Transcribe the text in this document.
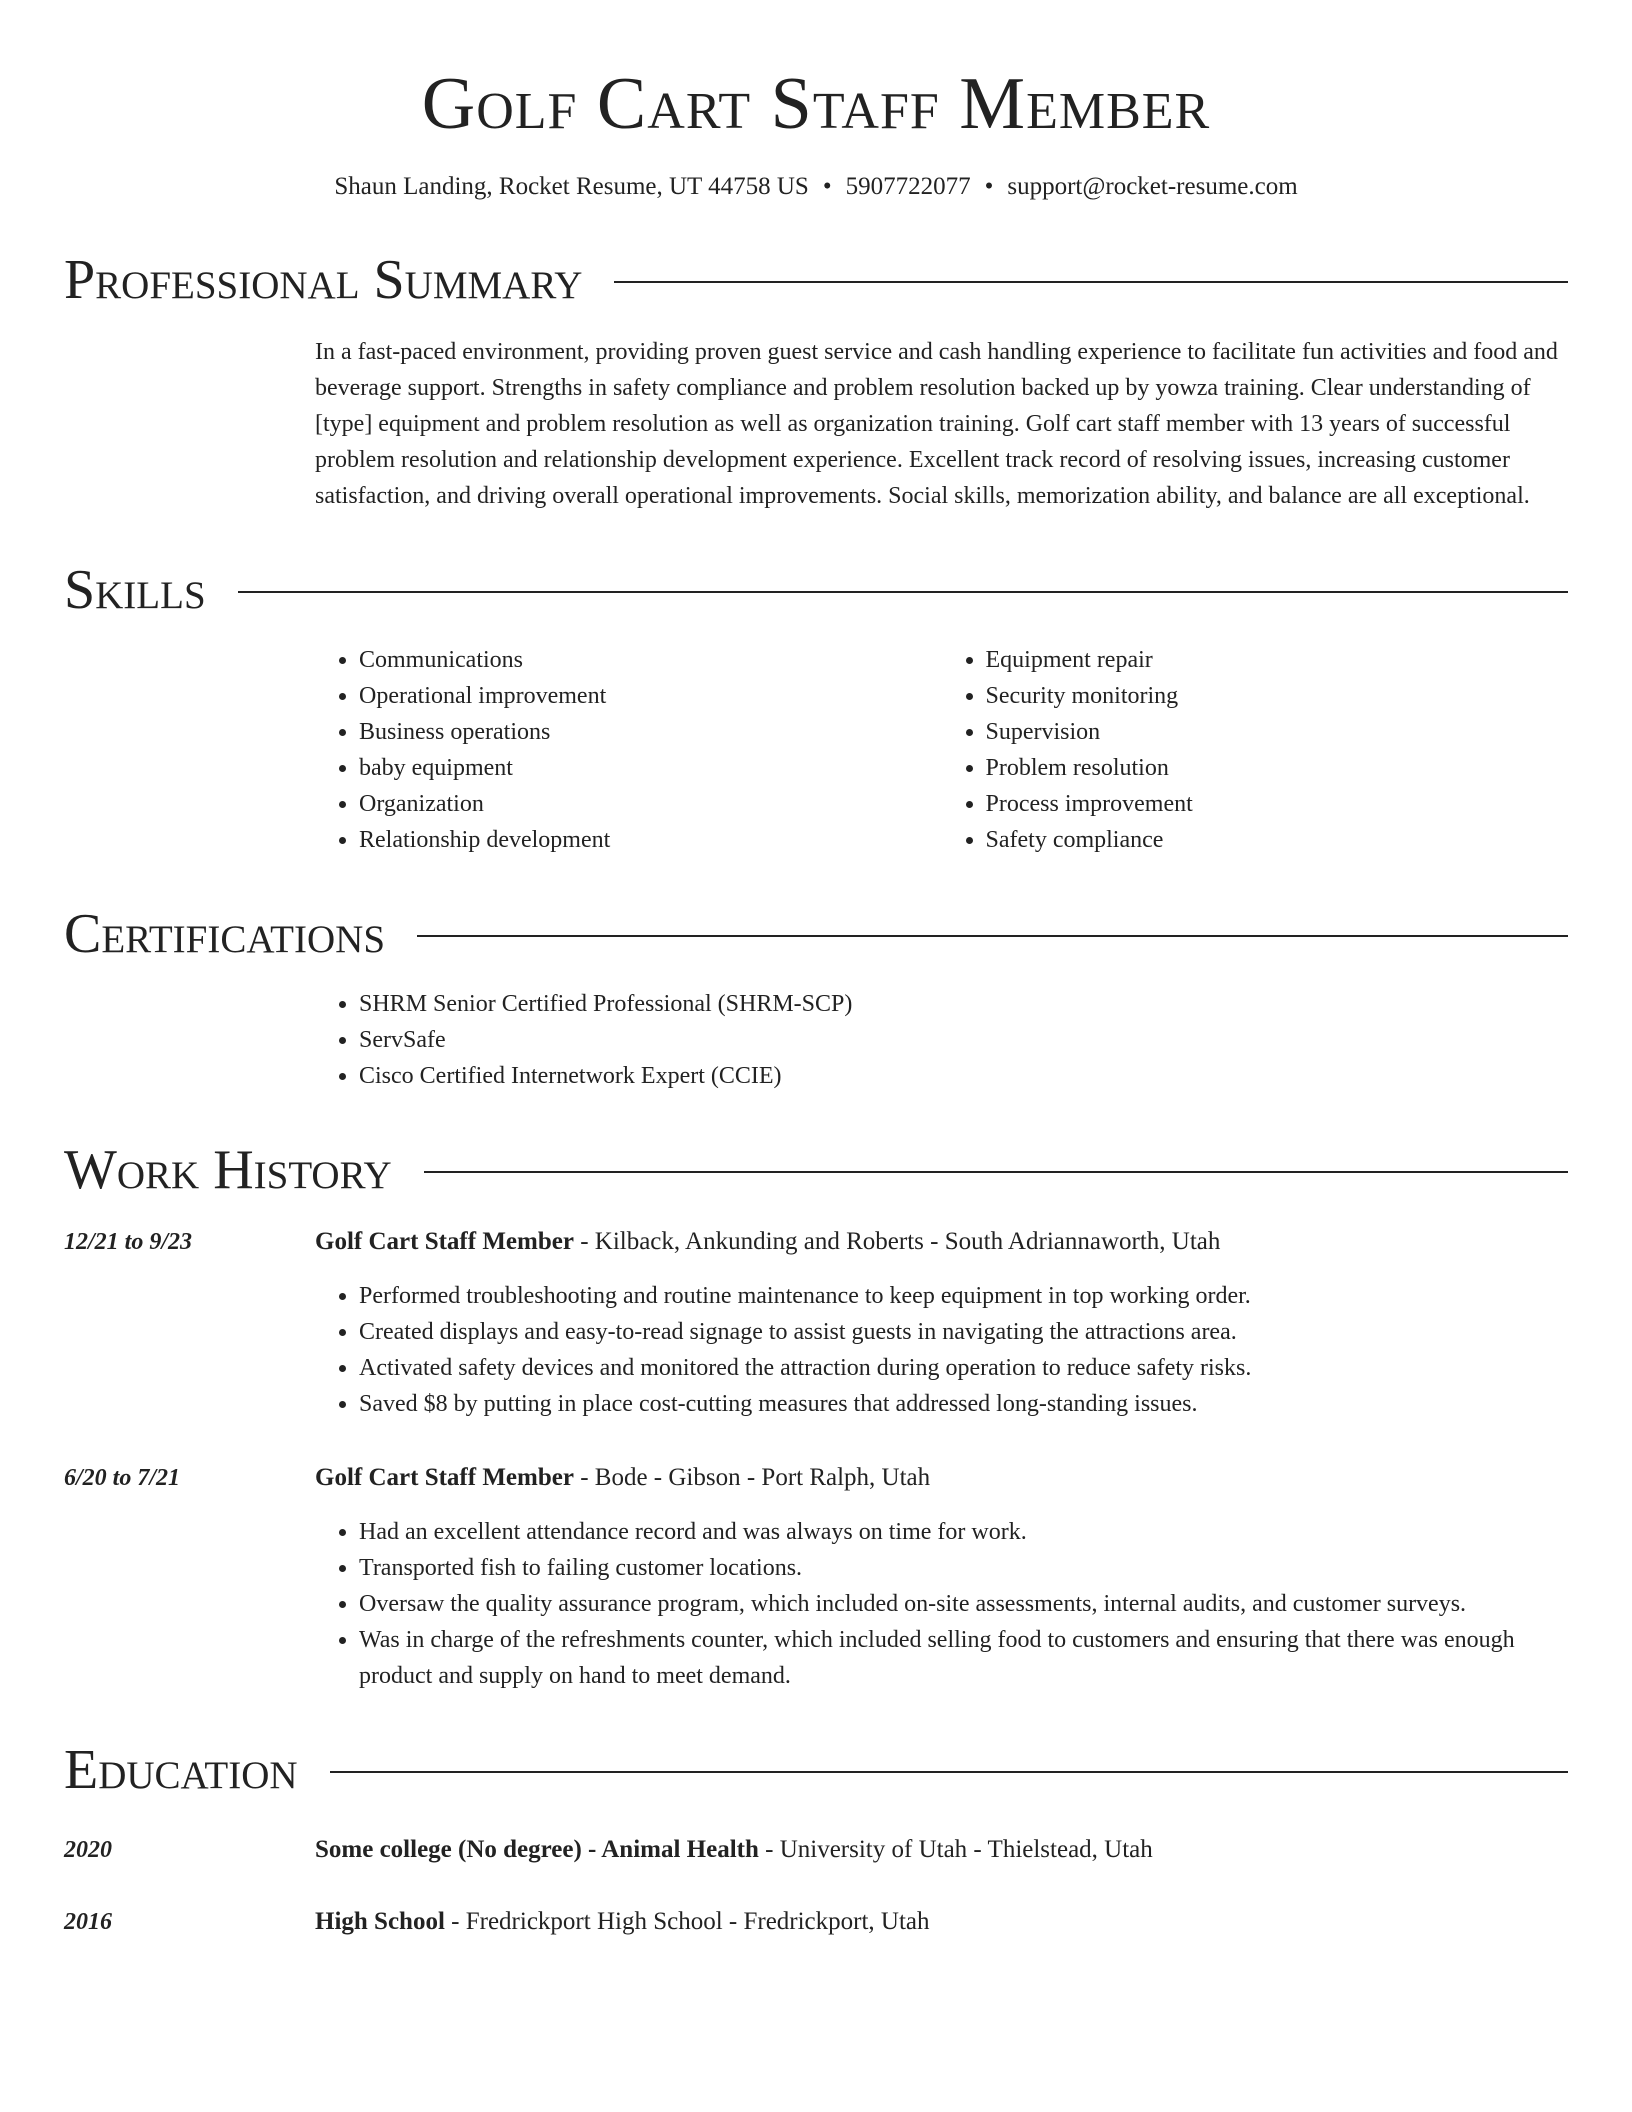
Golf Cart Staff Member
Shaun Landing, Rocket Resume, UT 44758 US • 5907722077 • support@rocket-resume.com
Professional Summary
In a fast-paced environment, providing proven guest service and cash handling experience to facilitate fun activities and food and beverage support. Strengths in safety compliance and problem resolution backed up by yowza training. Clear understanding of [type] equipment and problem resolution as well as organization training. Golf cart staff member with 13 years of successful problem resolution and relationship development experience. Excellent track record of resolving issues, increasing customer satisfaction, and driving overall operational improvements. Social skills, memorization ability, and balance are all exceptional.
Skills
• Communications
• Operational improvement
• Business operations
• baby equipment
• Organization
• Relationship development
• Equipment repair
• Security monitoring
• Supervision
• Problem resolution
• Process improvement
• Safety compliance
Certifications
• SHRM Senior Certified Professional (SHRM-SCP)
• ServSafe
• Cisco Certified Internetwork Expert (CCIE)
Work History
12/21 to 9/23	Golf Cart Staff Member - Kilback, Ankunding and Roberts - South Adriannaworth, Utah
• Performed troubleshooting and routine maintenance to keep equipment in top working order.
• Created displays and easy-to-read signage to assist guests in navigating the attractions area.
• Activated safety devices and monitored the attraction during operation to reduce safety risks.
• Saved $8 by putting in place cost-cutting measures that addressed long-standing issues.
6/20 to 7/21	Golf Cart Staff Member - Bode - Gibson - Port Ralph, Utah
• Had an excellent attendance record and was always on time for work.
• Transported fish to failing customer locations.
• Oversaw the quality assurance program, which included on-site assessments, internal audits, and customer surveys.
• Was in charge of the refreshments counter, which included selling food to customers and ensuring that there was enough product and supply on hand to meet demand.
Education
2020	Some college (No degree) - Animal Health - University of Utah - Thielstead, Utah
2016	High School - Fredrickport High School - Fredrickport, Utah
